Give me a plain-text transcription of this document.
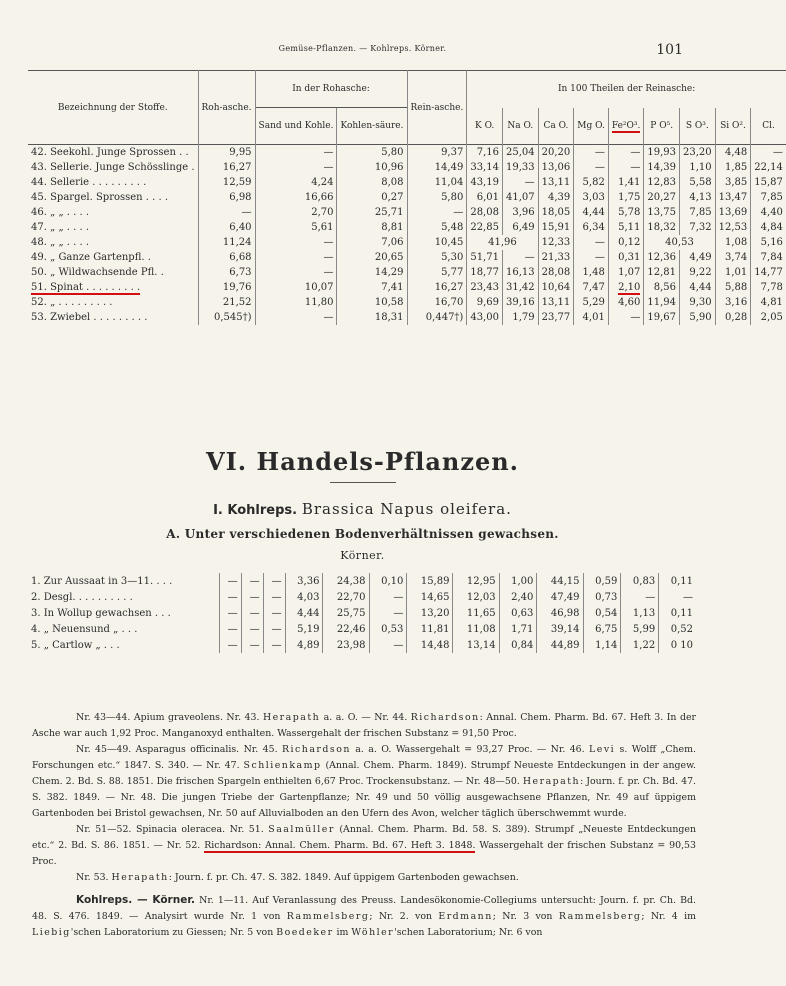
Gemüse-Pflanzen. — Kohlreps. Körner.	101
Bezeichnung der Stoffe.	Roh-asche.	In der Rohasche:		Rein-asche.	In 100 Theilen der Reinasche:								
		Sand und Kohle.	Kohlen-säure.		K O.	Na O.	Ca O.	Mg O.	Fe²O³.	P O⁵.	S O³.	Si O².	Cl.
42. Seekohl. Junge Sprossen . .	9,95	—	5,80	9,37	7,16	25,04	20,20	—	—	19,93	23,20	4,48	—
43. Sellerie. Junge Schösslinge .	16,27	—	10,96	14,49	33,14	19,33	13,06	—	—	14,39	1,10	1,85	22,14
44. Sellerie . . . . . . . . .	12,59	4,24	8,08	11,04	43,19	—	13,11	5,82	1,41	12,83	5,58	3,85	15,87
45. Spargel. Sprossen . . . .	6,98	16,66	0,27	5,80	6,01	41,07	4,39	3,03	1,75	20,27	4,13	13,47	7,85
46. „ „ . . . .	—	2,70	25,71	—	28,08	3,96	18,05	4,44	5,78	13,75	7,85	13,69	4,40
47. „ „ . . . .	6,40	5,61	8,81	5,48	22,85	6,49	15,91	6,34	5,11	18,32	7,32	12,53	4,84
48. „ „ . . . .	11,24	—	7,06	10,45	41,96		12,33	—	0,12	40,53		1,08	5,16
49. „ Ganze Gartenpfl. .	6,68	—	20,65	5,30	51,71	—	21,33	—	0,31	12,36	4,49	3,74	7,84
50. „ Wildwachsende Pfl. .	6,73	—	14,29	5,77	18,77	16,13	28,08	1,48	1,07	12,81	9,22	1,01	14,77
51. Spinat . . . . . . . . .	19,76	10,07	7,41	16,27	23,43	31,42	10,64	7,47	2,10	8,56	4,44	5,88	7,78
52. „ . . . . . . . . .	21,52	11,80	10,58	16,70	9,69	39,16	13,11	5,29	4,60	11,94	9,30	3,16	4,81
53. Zwiebel . . . . . . . . .	0,545†)	—	18,31	0,447†)	43,00	1,79	23,77	4,01	—	19,67	5,90	0,28	2,05
VI. Handels-Pflanzen.
I. Kohlreps. Brassica Napus oleifera.
A. Unter verschiedenen Bodenverhältnissen gewachsen.
Körner.
1. Zur Aussaat in 3—11. . . .	—	—	—	3,36	24,38	0,10	15,89	12,95	1,00	44,15	0,59	0,83	0,11
2. Desgl. . . . . . . . . .	—	—	—	4,03	22,70	—	14,65	12,03	2,40	47,49	0,73	—	—
3. In Wollup gewachsen . . .	—	—	—	4,44	25,75	—	13,20	11,65	0,63	46,98	0,54	1,13	0,11
4. „ Neuensund „ . . .	—	—	—	5,19	22,46	0,53	11,81	11,08	1,71	39,14	6,75	5,99	0,52
5. „ Cartlow „ . . .	—	—	—	4,89	23,98	—	14,48	13,14	0,84	44,89	1,14	1,22	0 10

Nr. 43—44. Apium graveolens. Nr. 43. Herapath a. a. O. — Nr. 44. Richardson: Annal. Chem. Pharm. Bd. 67. Heft 3. In der Asche war auch 1,92 Proc. Manganoxyd enthalten. Wassergehalt der frischen Substanz = 91,50 Proc.

Nr. 45—49. Asparagus officinalis. Nr. 45. Richardson a. a. O. Wassergehalt = 93,27 Proc. — Nr. 46. Levi s. Wolff „Chem. Forschungen etc.“ 1847. S. 340. — Nr. 47. Schlienkamp (Annal. Chem. Pharm. 1849). Strumpf Neueste Entdeckungen in der angew. Chem. 2. Bd. S. 88. 1851. Die frischen Spargeln enthielten 6,67 Proc. Trockensubstanz. — Nr. 48—50. Herapath: Journ. f. pr. Ch. Bd. 47. S. 382. 1849. — Nr. 48. Die jungen Triebe der Gartenpflanze; Nr. 49 und 50 völlig ausgewachsene Pflanzen, Nr. 49 auf üppigem Gartenboden bei Bristol gewachsen, Nr. 50 auf Alluvialboden an den Ufern des Avon, welcher täglich überschwemmt wurde.

Nr. 51—52. Spinacia oleracea. Nr. 51. Saalmüller (Annal. Chem. Pharm. Bd. 58. S. 389). Strumpf „Neueste Entdeckungen etc.“ 2. Bd. S. 86. 1851. — Nr. 52. Richardson: Annal. Chem. Pharm. Bd. 67. Heft 3. 1848. Wassergehalt der frischen Substanz = 90,53 Proc.

Nr. 53. Herapath: Journ. f. pr. Ch. 47. S. 382. 1849. Auf üppigem Gartenboden gewachsen.

Kohlreps. — Körner. Nr. 1—11. Auf Veranlassung des Preuss. Landesökonomie-Collegiums untersucht: Journ. f. pr. Ch. Bd. 48. S. 476. 1849. — Analysirt wurde Nr. 1 von Rammelsberg; Nr. 2. von Erdmann; Nr. 3 von Rammelsberg; Nr. 4 im Liebig'schen Laboratorium zu Giessen; Nr. 5 von Boedeker im Wöhler'schen Laboratorium; Nr. 6 von
